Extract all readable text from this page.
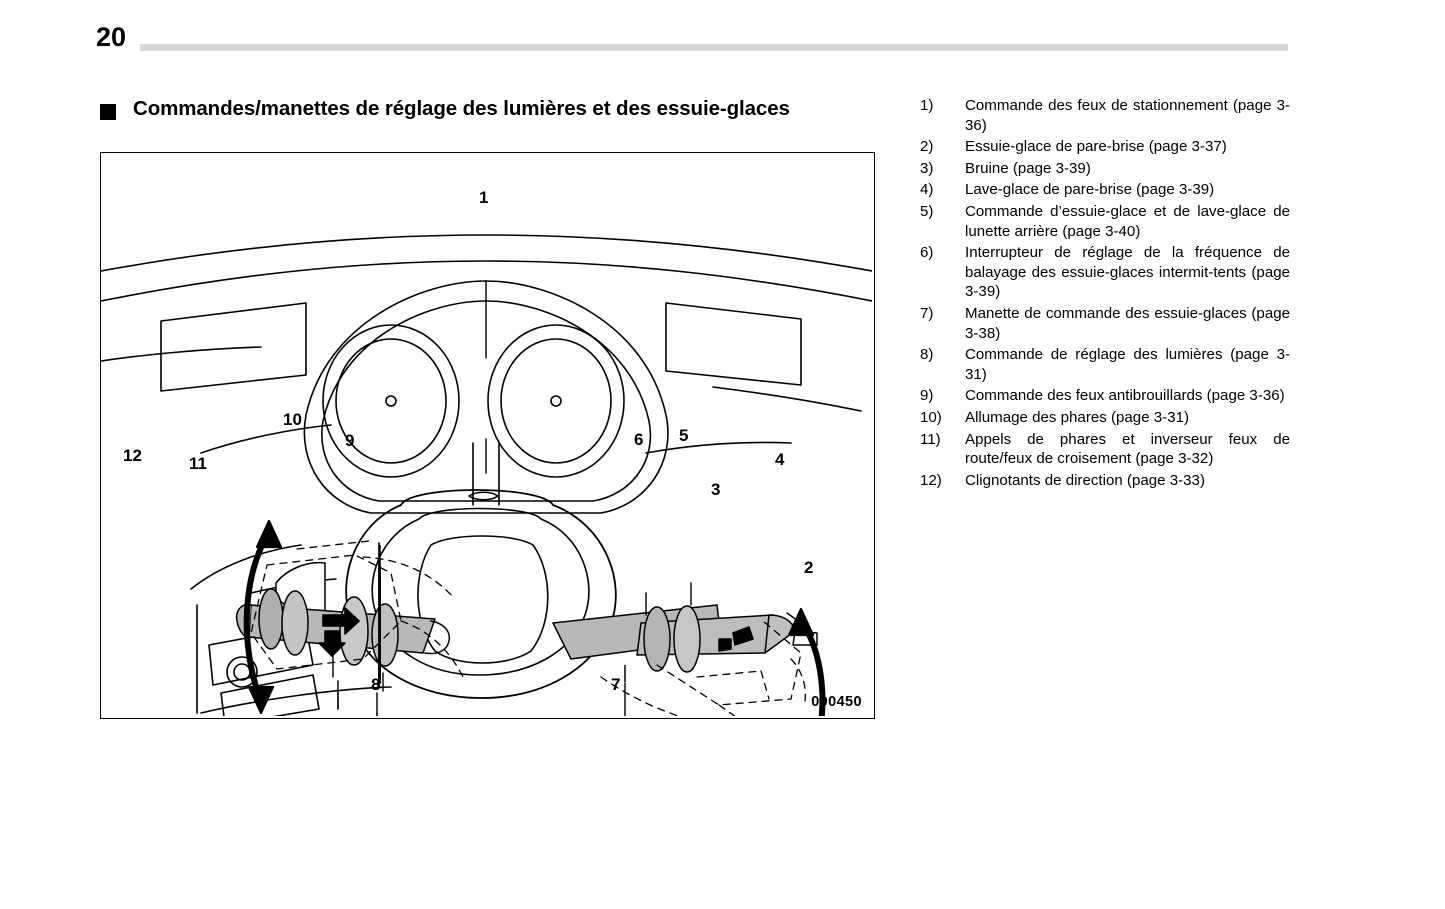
20
Commandes/manettes de réglage des lumières et des essuie-glaces
1
2
3
4
5
6
7
8
9
10
11
12
000450
1)	Commande des feux de stationnement (page 3-36)
2)	Essuie-glace de pare-brise (page 3-37)
3)	Bruine (page 3-39)
4)	Lave-glace de pare-brise (page 3-39)
5)	Commande d’essuie-glace et de lave-glace de lunette arrière (page 3-40)
6)	Interrupteur de réglage de la fréquence de balayage des essuie-glaces intermit-tents (page 3-39)
7)	Manette de commande des essuie-glaces (page 3-38)
8)	Commande de réglage des lumières (page 3-31)
9)	Commande des feux antibrouillards (page 3-36)
10)	Allumage des phares (page 3-31)
11)	Appels de phares et inverseur feux de route/feux de croisement (page 3-32)
12)	Clignotants de direction (page 3-33)
